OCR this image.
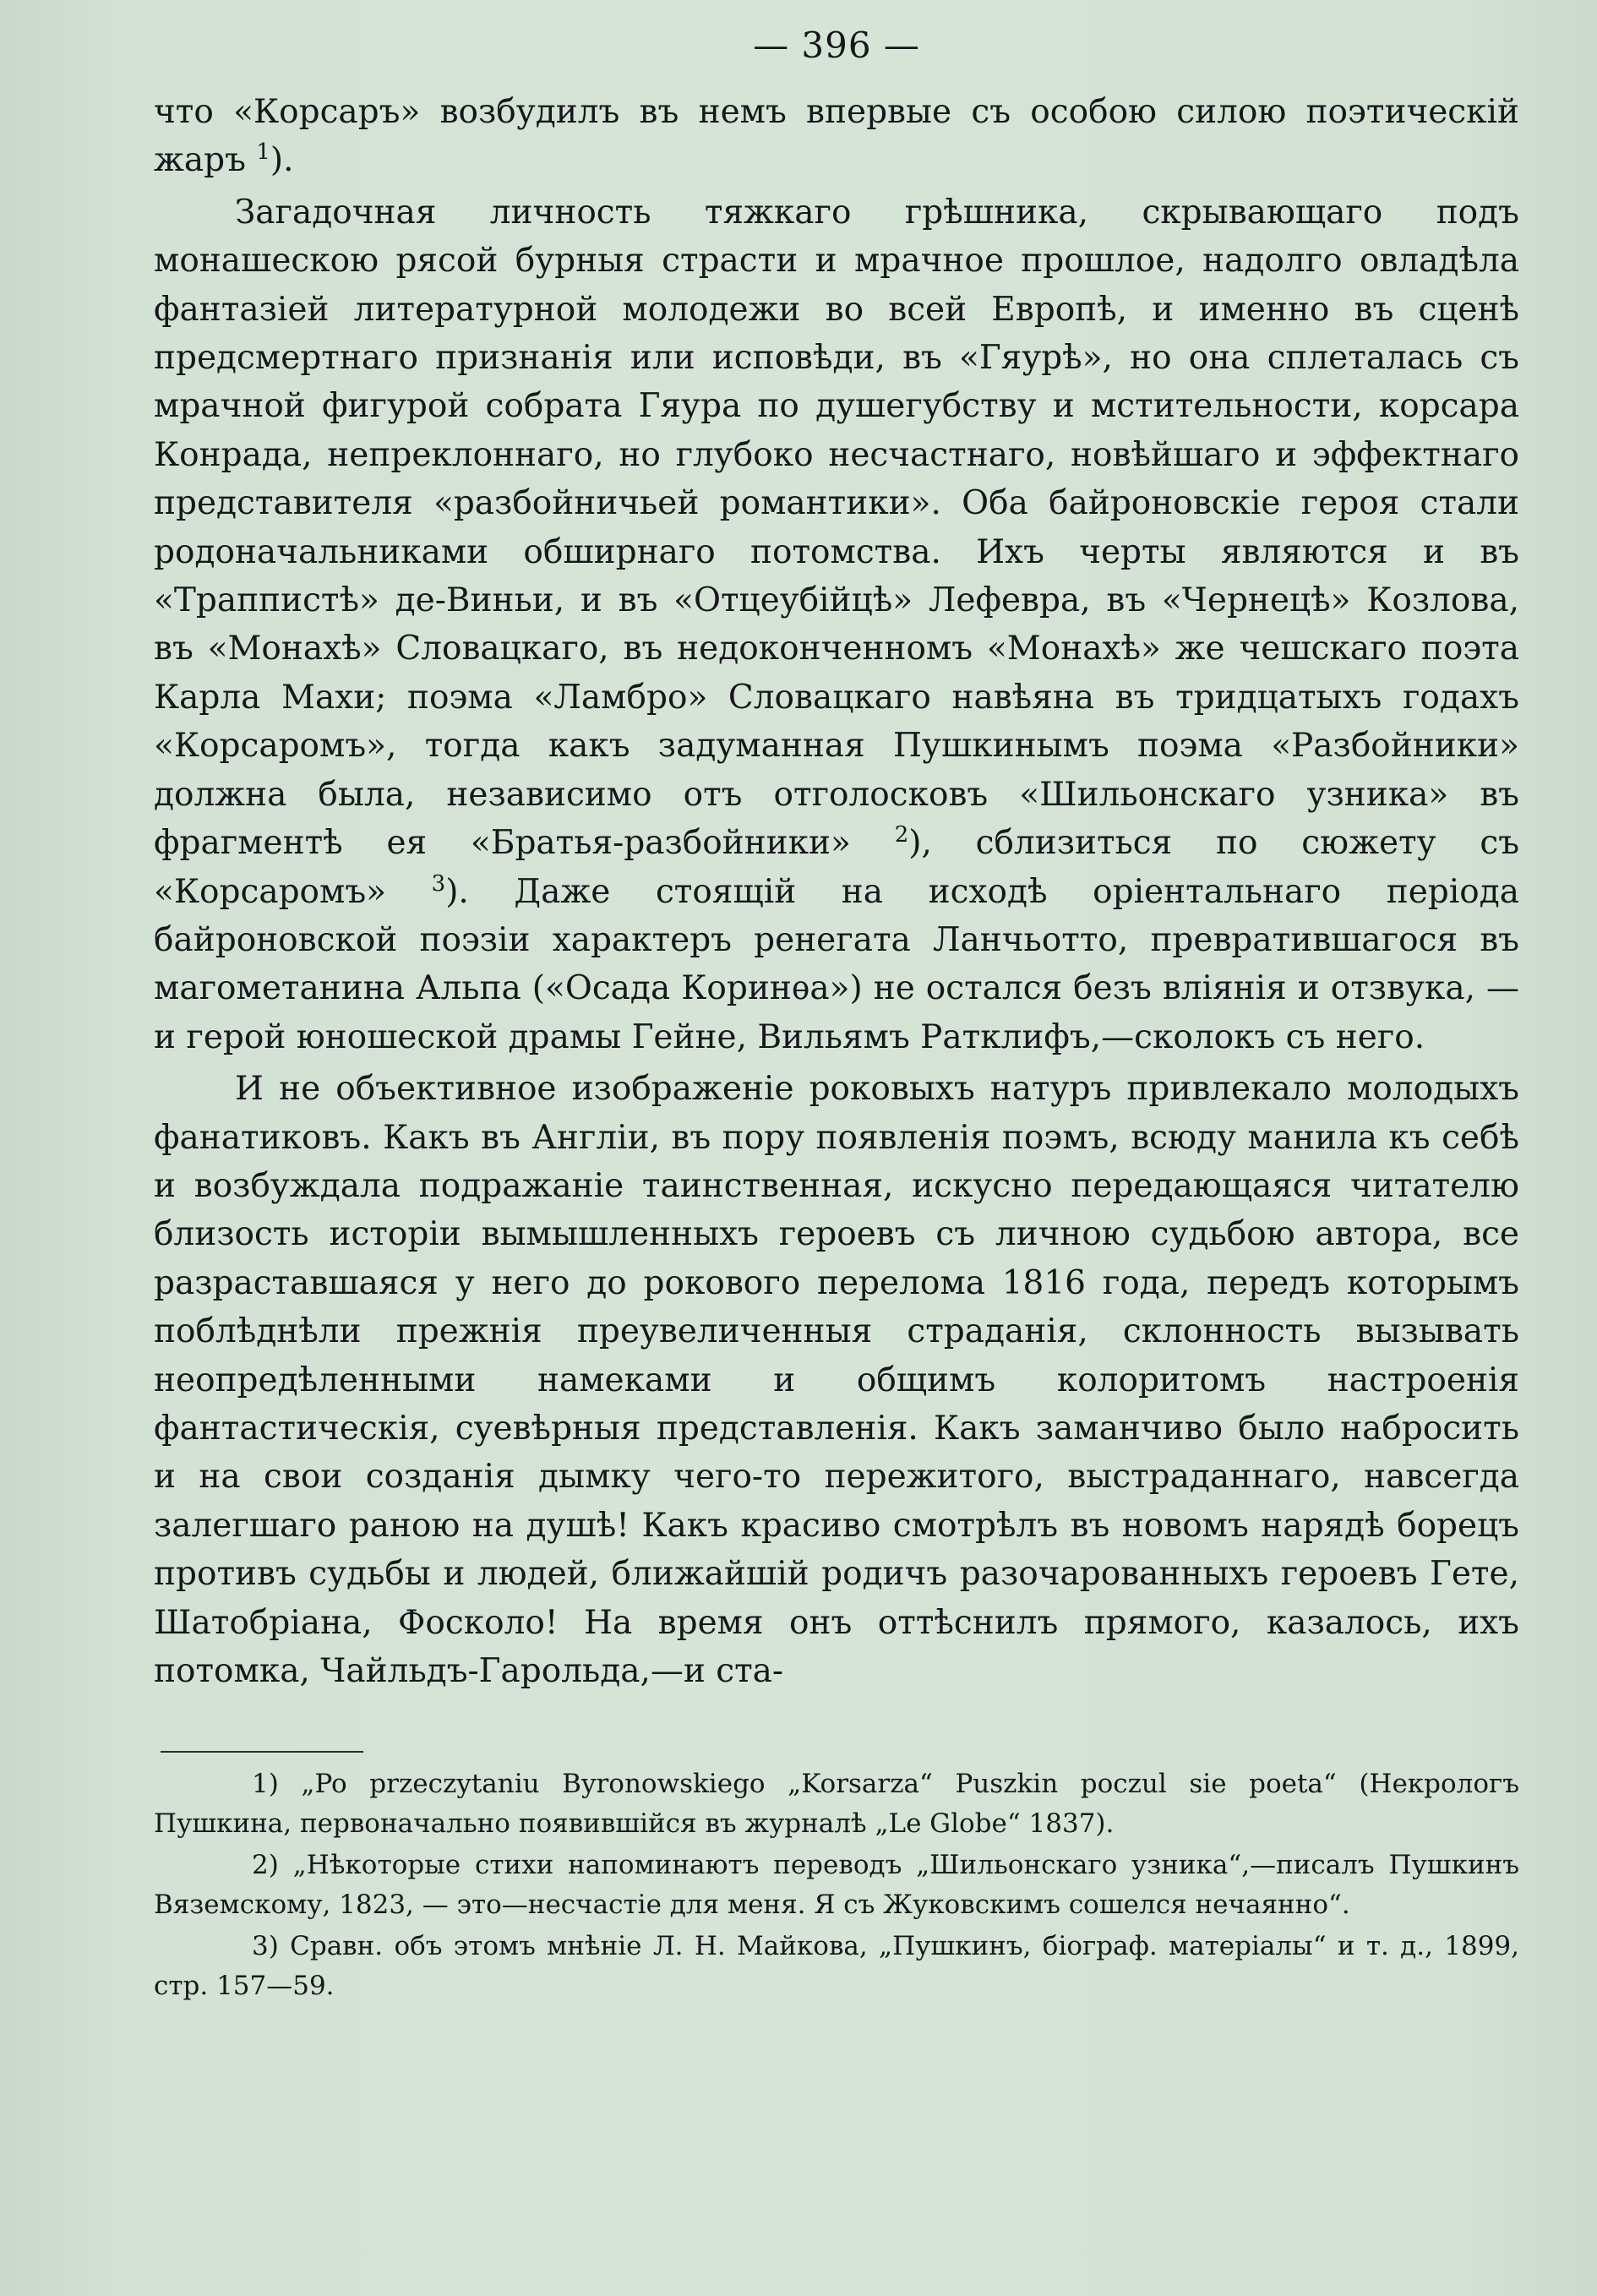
— 396 —

что «Корсаръ» возбудилъ въ немъ впервые съ особою силою поэтическій жаръ $^1$).

Загадочная личность тяжкаго грѣшника, скрывающаго подъ монашескою рясой бурныя страсти и мрачное прошлое, надолго овладѣла фантазіей литературной молодежи во всей Европѣ, и именно въ сценѣ предсмертнаго признанія или исповѣди, въ «Гяурѣ», но она сплеталась съ мрачной фигурой собрата Гяура по душегубству и мстительности, корсара Конрада, непреклоннаго, но глубоко несчастнаго, новѣйшаго и эффектнаго представителя «разбойничьей романтики». Оба байроновскіе героя стали родоначальниками обширнаго потомства. Ихъ черты являются и въ «Траппистѣ» де-Виньи, и въ «Отцеубійцѣ» Лефевра, въ «Чернецѣ» Козлова, въ «Монахѣ» Словацкаго, въ недоконченномъ «Монахѣ» же чешскаго поэта Карла Махи; поэма «Ламбро» Словацкаго навѣяна въ тридцатыхъ годахъ «Корсаромъ», тогда какъ задуманная Пушкинымъ поэма «Разбойники» должна была, независимо отъ отголосковъ «Шильонскаго узника» въ фрагментѣ ея «Братья-разбойники» $^2$), сблизиться по сюжету съ «Корсаромъ» $^3$). Даже стоящій на исходѣ оріентальнаго періода байроновской поэзіи характеръ ренегата Ланчьотто, превратившагося въ магометанина Альпа («Осада Коринѳа») не остался безъ вліянія и отзвука, — и герой юношеской драмы Гейне, Вильямъ Ратклифъ,—сколокъ съ него.

И не объективное изображеніе роковыхъ натуръ привлекало молодыхъ фанатиковъ. Какъ въ Англіи, въ пору появленія поэмъ, всюду манила къ себѣ и возбуждала подражаніе таинственная, искусно передающаяся читателю близость исторіи вымышленныхъ героевъ съ личною судьбою автора, все разраставшаяся у него до рокового перелома 1816 года, передъ которымъ поблѣднѣли прежнія преувеличенныя страданія, склонность вызывать неопредѣленными намеками и общимъ колоритомъ настроенія фантастическія, суевѣрныя представленія. Какъ заманчиво было набросить и на свои созданія дымку чего-то пережитого, выстраданнаго, навсегда залегшаго раною на душѣ! Какъ красиво смотрѣлъ въ новомъ нарядѣ борецъ противъ судьбы и людей, ближайшій родичъ разочарованныхъ героевъ Гете, Шатобріана, Фосколо! На время онъ оттѣснилъ прямого, казалось, ихъ потомка, Чайльдъ-Гарольда,—и ста-

1) „Po przeczytaniu Byronowskiego „Korsarza“ Puszkin poczul sie poeta“ (Некрологъ Пушкина, первоначально появившійся въ журналѣ „Le Globe“ 1837).

2) „Нѣкоторые стихи напоминаютъ переводъ „Шильонскаго узника“,—писалъ Пушкинъ Вяземскому, 1823, — это—несчастіе для меня. Я съ Жуковскимъ сошелся нечаянно“.

3) Сравн. объ этомъ мнѣніе Л. Н. Майкова, „Пушкинъ, біограф. матеріалы“ и т. д., 1899, стр. 157—59.
